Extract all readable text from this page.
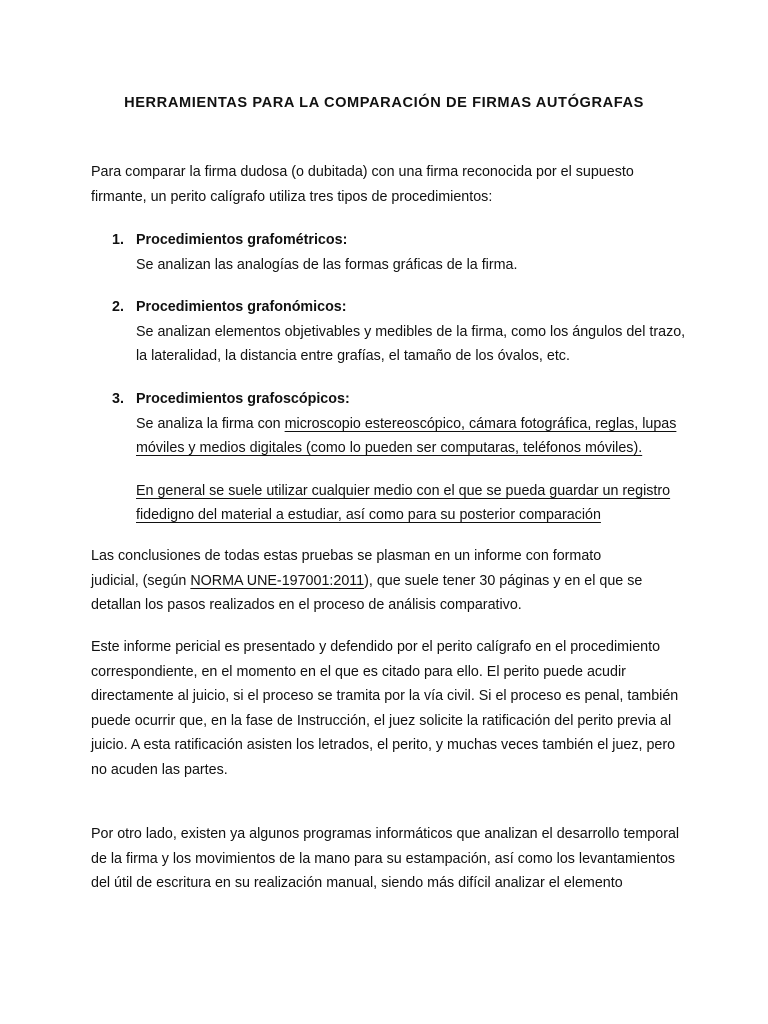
HERRAMIENTAS PARA LA COMPARACIÓN DE FIRMAS AUTÓGRAFAS

Para comparar la firma dudosa (o dubitada) con una firma reconocida por el supuesto
firmante, un perito calígrafo utiliza tres tipos de procedimientos:

1. Procedimientos grafométricos:
Se analizan las analogías de las formas gráficas de la firma.
2. Procedimientos grafonómicos:
Se analizan elementos objetivables y medibles de la firma, como los ángulos del trazo,
la lateralidad, la distancia entre grafías, el tamaño de los óvalos, etc.
3. Procedimientos grafoscópicos:
Se analiza la firma con microscopio estereoscópico, cámara fotográfica, reglas, lupas
móviles y medios digitales (como lo pueden ser computaras, teléfonos móviles).
En general se suele utilizar cualquier medio con el que se pueda guardar un registro
fidedigno del material a estudiar, así como para su posterior comparación

Las conclusiones de todas estas pruebas se plasman en un informe con formato
judicial, (según NORMA UNE-197001:2011), que suele tener 30 páginas y en el que se
detallan los pasos realizados en el proceso de análisis comparativo.

Este informe pericial es presentado y defendido por el perito calígrafo en el procedimiento
correspondiente, en el momento en el que es citado para ello. El perito puede acudir
directamente al juicio, si el proceso se tramita por la vía civil. Si el proceso es penal, también
puede ocurrir que, en la fase de Instrucción, el juez solicite la ratificación del perito previa al
juicio. A esta ratificación asisten los letrados, el perito, y muchas veces también el juez, pero
no acuden las partes.

Por otro lado, existen ya algunos programas informáticos que analizan el desarrollo temporal
de la firma y los movimientos de la mano para su estampación, así como los levantamientos
del útil de escritura en su realización manual, siendo más difícil analizar el elemento
